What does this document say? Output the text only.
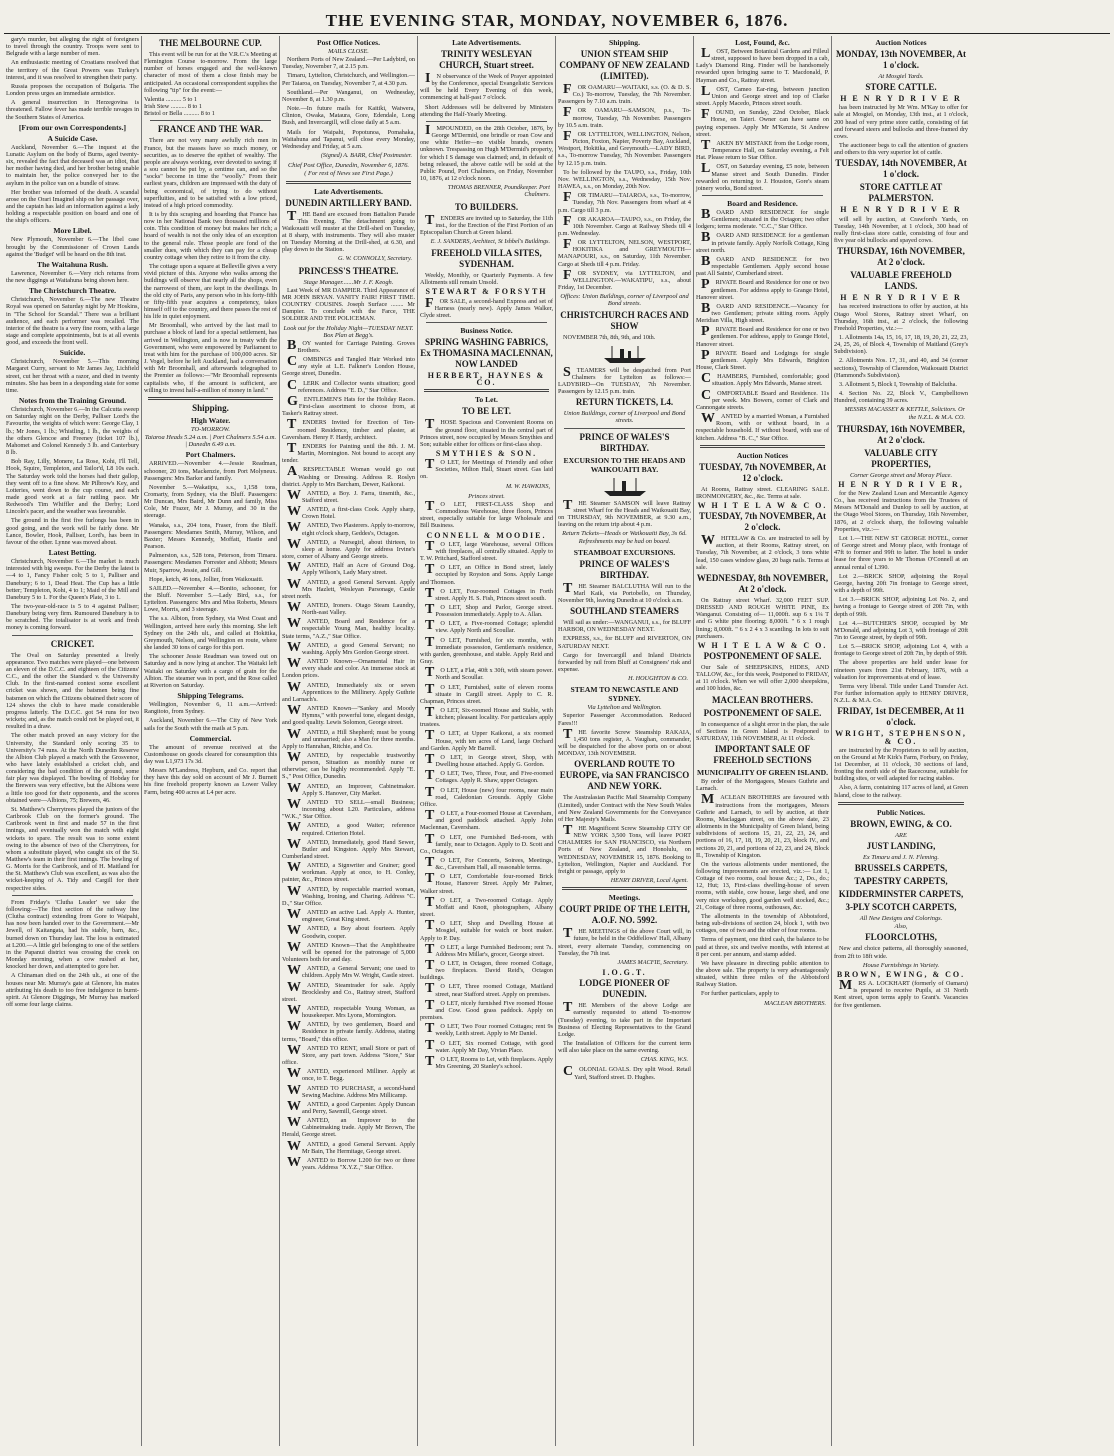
THE EVENING STAR, MONDAY, NOVEMBER 6, 1876.

gary's murder, but alleging the right of foreigners to travel through the country. Troops were sent to Belgrade with a large number of men.

An enthusiastic meeting of Croatians resolved that the territory of the Great Powers was Turkey's interest, and it was resolved to strengthen their party.

Russia proposes the occupation of Bulgaria. The London press urges an immediate armistice.

A general insurrection in Herzegovina is threatened. Fallow fever has made terrible ravages in the Southern States of America.

[From our own Correspondents.]
A Suicide Case.

Auckland, November 6.—The inquest at the Lunatic Asylum on the body of Burns, aged twenty-six, revealed the fact that deceased was an idiot, that her mother having died, and her brother being unable to maintain her, the police conveyed her to the asylum in the police van on a bundle of straw.

Her brother was informed of the death. A scandal arose on the Orari Imaginel ship on her passage over, and the captain has laid an information against a lady holding a respectable position on board and one of the ship's officers.

More Libel.

New Plymouth, November 6.—The libel case brought by the Commissioner of Crown Lands against the 'Budget' will be heard on the 8th inst.

The Waitahuna Rush.

Lawrence, November 6.—Very rich returns from the new diggings at Waitahuna being shown here.

The Christchurch Theatre.

Christchurch, November 6.—The new Theatre Royal was opened on Saturday night by Mr Hoskins, in "The School for Scandal." There was a brilliant audience, and each performer was recalled. The interior of the theatre is a very fine room, with a large stage and complete appointments, but is at all events good, and exceeds the front well.

Suicide.

Christchurch, November 5.—This morning Margaret Curry, servant to Mr James Jay, Lichfield street, cut her throat with a razor, and died in twenty minutes. She has been in a desponding state for some time.

Notes from the Training Ground.

Christchurch, November 6.—In the Calcutta sweep on Saturday night on the Derby, Palliser Lord's the Favourite, the weights of which were: George Clay, 1 lb.; Mr Jones, 1 lb.; Whistling, 1 lb., the weights of the others Glencoe and Freeney (ticket 107 lb.), Mahomet and Colonel Kennedy 3 lb. and Canterbury 8 lb.

Bob Ray, Lilly, Monere, La Rose, Kohi, I'll Tell, Hook, Squire, Templeton, and Tailor'd, L8 10s each. The Saturday work told the horses had their gallop, they went off to a fine show. Mr Pilbrow's Key, and Lotteries, went down to the cup course, and each made good work at a fair rattling pace. Mr Redwood's Tim Whiffler and the Derby; Lord Lincoln's pacer, and the weather was favourable.

The ground in the first five furlongs has been in good going, and the work will be fairly done. Mr Lance, Bowler, Hook, Palliser, Lord's, has been in favour of the other. Lynne was moved about.

Latest Betting.

Christchurch, November 6.—The market is much interested with big sweeps. For the Derby the latest is—4 to 1, Fancy Fisher colt; 5 to 1, Palliser and Danebury; 6 to 1, Dead Heat. The Cup has a little better; Templeton, Kohi, 4 to 1; Maid of the Mill and Danebury 5 to 1. For the Queen's Plate, 3 to 1.

The two-year-old-race is 5 to 4 against Palliser; Danebury being very firm. Rumoured Danebury is to be scratched. The totalisator is at work and fresh money is coming forward.

CRICKET.

The Oval on Saturday presented a lively appearance. Two matches were played—one between an eleven of the D.C.C. and eighteen of the Citizens' C.C., and the other the Standard v. the University Club. In the first-named contest some excellent cricket was shown, and the batsmen being fine batsmen on which the Citizens obtained their score of 124 shows the club to have made considerable progress latterly. The D.C.C. got 54 runs for two wickets; and, as the match could not be played out, it resulted in a draw.

The other match proved an easy victory for the University, the Standard only scoring 35 to University's 74 runs. At the North Dunedin Reserve the Albion Club played a match with the Grosvenor, who have lately established a cricket club, and considering the bad condition of the ground, some fair play was displayed. The bowling of Hobday for the Brewers was very effective, but the Albions were a little too good for their opponents, and the scores obtained were—Albions, 75; Brewers, 46.

St. Matthew's Cherrytrees played the juniors of the Caribrook Club on the former's ground. The Caribrook went in first and made 57 in the first innings, and eventually won the match with eight wickets to spare. The result was to some extent owing to the absence of two of the Cherrytrees, for whom a substitute played, who caught six of the St. Matthew's team in their first innings. The bowling of G. Morris for the Caribrook, and of H. Maitland for the St. Matthew's Club was excellent, as was also the wicket-keeping of A. Tidy and Cargill for their respective sides.

From Friday's 'Clutha Leader' we take the following:—The first section of the railway line (Clutha contract) extending from Gore to Waipahi, has now been handed over to the Government.—Mr Jewell, of Kaitangata, had his stable, barn, &c., burned down on Thursday last. The loss is estimated at L200.—A little girl belonging to one of the settlers in the Papanui district was crossing the creek on Monday morning, when a cow rushed at her, knocked her down, and attempted to gore her.

A Chinaman died on the 24th ult., at one of the houses near Mr. Murray's gate at Glenore, his mates attributing his death to too free indulgence in burnt-spirit. At Glenore Diggings, Mr Murray has marked off some four large claims.

THE MELBOURNE CUP.

This event will be run for at the V.R.C.'s Meeting at Flemington Course to-morrow. From the large number of horses engaged and the well-known character of most of them a close finish may be anticipated. An occasional correspondent supplies the following "tip" for the event:—

Valentia .......... 5 to 1
Irish Stew .......... 8 to 1
Bristol or Bella .......... 8 to 1
FRANCE AND THE WAR.

There are not very many awfully rich men in France, but the masses have so much money, or securities, as to deserve the epithet of wealthy. The people are always working, ever devoted to saving; if a sou cannot be put by, a centime can, and so the "socks" become in time the "woolly." From their earliest years, children are impressed with the duty of being economical, of trying to do without superfluities, and to be satisfied with a low priced, instead of a high priced commodity.

It is by this scraping and hoarding that France has now in her National Bank two thousand millions of coin. This condition of money but makes her rich; a hoard of wealth is not the only idea of an exception to the general rule. Those people are fond of the smaller dues, with which they can pay for a cheap country cottage when they retire to it from the city.

The cottage upon a square at Belleville gives a very vivid picture of this. Anyone who walks among the buildings will observe that nearly all the shops, even the narrowest of them, are kept in the dwellings. In the old city of Paris, any person who in his forty-fifth or fifty-fifth year acquires a competency, takes himself off to the country, and there passes the rest of his life in quiet enjoyment.

Mr Broomhall, who arrived by the last mail to purchase a block of land for a special settlement, has arrived in Wellington, and is now in treaty with the Government, who were empowered by Parliament to treat with him for the purchase of 100,000 acres. Sir J. Vogel, before he left Auckland, had a conversation with Mr Broomhall, and afterwards telegraphed to the Premier as follows:—"Mr Broomhall represents capitalists who, if the amount is sufficient, are willing to invest half-a-million of money in land."

Shipping.
High Water.
TO-MORROW.
Taiaroa Heads 5.24 a.m. | Port Chalmers 5.54 a.m. | Dunedin 6.49 a.m.
Port Chalmers.

ARRIVED.—November 4.—Jessie Readman, schooner, 20 tons, Mackenzie, from Port Molyneux. Passengers: Mrs Barker and family.

November 5.—Wakatipu, s.s., 1,158 tons, Cromarty, from Sydney, via the Bluff. Passengers: Mr Duncan, Mrs Baird, Mr Dunn and family, Miss Cole, Mr Frazer, Mr J. Murray, and 30 in the steerage.

Wanaka, s.s., 204 tons, Fraser, from the Bluff. Passengers: Mesdames Smith, Murray, Wilson, and Baxter; Messrs Kennedy, Moffatt, Hastie and Pearson.

Palmerston, s.s., 528 tons, Peterson, from Timaru. Passengers: Mesdames Forrester and Abbott; Messrs Muir, Sparrow, Jessie, and Gill.

Hope, ketch, 46 tons, Jollier, from Waikouaiti.

SAILED.—November 4.—Bonito, schooner, for the Bluff. November 5.—Lady Bird, s.s., for Lyttelton. Passengers: Mrs and Miss Roberts, Messrs Lowe, Morris, and 3 steerage.

The s.s. Albion, from Sydney, via West Coast and Wellington, arrived here early this morning. She left Sydney on the 24th ult., and called at Hokitika, Greymouth, Nelson, and Wellington en route, where she landed 30 tons of cargo for this port.

The schooner Jessie Readman was towed out on Saturday and is now lying at anchor. The Waitaki left Waitaki on Saturday with a cargo of grain for the Albion. The steamer was in port, and the Rose called at Riverton on Saturday.

Shipping Telegrams.

Wellington, November 6, 11 a.m.—Arrived: Rangitoto, from Sydney.

Auckland, November 6.—The City of New York sails for the South with the mails at 5 p.m.

Commercial.

The amount of revenue received at the Customhouse on goods cleared for consumption this day was L1,973 17s 3d.

Messrs M'Landress, Hepburn, and Co. report that they have this day sold on account of Mr J. Burnett his fine freehold property known as Lower Valley Farm, being 400 acres at L4 per acre.

Post Office Notices.
MAILS CLOSE.

Northern Ports of New Zealand.—Per Ladybird, on Tuesday, November 7, at 2.15 p.m.

Timaru, Lyttelton, Christchurch, and Wellington.—Per Taiaroa, on Tuesday, November 7, at 4.30 p.m.

Southland.—Per Wanganui, on Wednesday, November 8, at 1.30 p.m.

Note.—In future mails for Kaitiki, Waiwera, Clinton, Owaka, Mataura, Gore, Edendale, Long Bush, and Invercargill, will close daily at 5 a.m.

Mails for Waipahi, Popotunoa, Pomahaka, Waitahuna and Tapanui, will close every Monday, Wednesday and Friday, at 5 a.m.

(Signed) A. BARR, Chief Postmaster.
Chief Post Office, Dunedin, November 6, 1876.
( For rest of News see First Page.)
Late Advertisements.
DUNEDIN ARTILLERY BAND.

THE Band are excused from Battalion Parade This Evening. The detachment going to Waikouaiti will muster at the Drill-shed on Tuesday, at 8 sharp, with instruments. They will also muster on Tuesday Morning at the Drill-shed, at 6.30, and play down to the Station.

G. W. CONNOLLY, Secretary.
PRINCESS'S THEATRE.
Stage Manager.......Mr J. F. Keogh.

Last Week of MR DAMPIER. Third Appearance of MR JOHN BRYAN. VANITY FAIR! FIRST TIME. COUNTRY COUSINS. Joseph Surface ........ Mr Dampier. To conclude with the Farce, THE SOLDIER AND THE POLICEMAN.

Look out for the Holiday Night—TUESDAY NEXT. Box Plan at Begg's.

BOY wanted for Carriage Painting. Groves Brothers.

COMBINGS and Tangled Hair Worked into any style at L.E. Falkner's London House, George street, Dunedin.

CLERK and Collector wants situation; good references. Address "E. D.," Star Office.

GENTLEMEN'S Hats for the Holiday Races. First-class assortment to choose from, at Tasker's Rattray street.

TENDERS Invited for Erection of Ten-roomed Residence, timber and plaster, at Caversham. Henry F. Hardy, architect.

TENDERS for Painting until the 8th. J. M. Martin, Mornington. Not bound to accept any tender.

ARESPECTABLE Woman would go out Washing or Dressing. Address R. Roslyn district. Apply to Mrs Barcham, Dewer, Kaikorai.

WANTED, a Boy. J. Farra, tinsmith, &c., Stafford street.

WANTED, a first-class Cook. Apply sharp, Crown Hotel.

WANTED, Two Plasterers. Apply to-morrow, eight o'clock sharp, Geddes's, Octagon.

WANTED, a Nursegirl, about thirteen, to sleep at home. Apply for address Irvine's store, corner of Albany and George streets.

WANTED, Half an Acre of Ground Dog. Apply Wilson's, Lady Mary street.

WANTED, a good General Servant. Apply Mrs Hazlett, Wesleyan Parsonage, Castle street north.

WANTED, Ironers. Otago Steam Laundry, North-east Valley.

WANTED, Board and Residence for a respectable Young Man, healthy locality. State terms, "A.Z.," Star Office.

WANTED, a good General Servant; no washing. Apply Mrs Gordon George street.

WANTED Known—Ornamental Hair in every shade and color. An immense stock at London prices.

WANTED, Immediately six or seven Apprentices to the Millinery. Apply Guthrie and Larnach's.

WANTED Known—"Sankey and Moody Hymns," with powerful tone, elegant design, and good quality. Lewis Solomon, George street.

WANTED, a Hill Shepherd; must be young and unmarried; also a Man for three months. Apply to Hanrahan, Ritchie, and Co.

WANTED, by respectable trustworthy person, Situation as monthly nurse or otherwise; can be highly recommended. Apply "E. S.," Post Office, Dunedin.

WANTED, an Improver, Cabinetmaker. Apply S. Hanover, City Market.

WANTED TO SELL—small Business; incoming about L20. Particulars, address "W.K.," Star Office.

WANTED, a good Waiter; reference required. Criterion Hotel.

WANTED, Immediately, good Hand Sewer, Butler and Kingston. Apply Mrs Stewart, Cumberland street.

WANTED, a Signwriter and Grainer; good workman. Apply at once, to H. Conley, painter, &c., Princes street.

WANTED, by respectable married woman, Washing, Ironing, and Charing. Address "C. D.," Star Office.

WANTED an active Lad. Apply A. Hunter, engineer, Great King street.

WANTED, a Boy about fourteen. Apply Goodwin, cooper.

WANTED Known—That the Amphitheatre will be opened for the patronage of 5,000 Volunteers both for and day.

WANTED, a General Servant; one used to children. Apply Mrs W. Wright, Castle street.

WANTED, Steamtrader for sale. Apply Brocklesby and Co., Rattray street, Stafford street.

WANTED, respectable Young Woman, as housekeeper. Mrs Lyons, Mornington.

WANTED, by two gentlemen, Board and Residence in private family. Address, stating terms, "Board," this office.

WANTED TO RENT, small Store or part of Store, any part town. Address "Store," Star office.

WANTED, experienced Milliner. Apply at once, to T. Begg.

WANTED TO PURCHASE, a second-hand Sewing Machine. Address Mrs Millicamp.

WANTED, a good Carpenter. Apply Duncan and Perry, Sawmill, George street.

WANTED, an Improver to the Cabinetmaking trade. Apply Mr Brown, The Herald, George street.

WANTED, a good General Servant. Apply Mr Bain, The Hermitage, George street.

WANTED to Borrow L200 for two or three years. Address "X.Y.Z.," Star Office.

Late Advertisements.
TRINITY WESLEYAN CHURCH, Stuart street.

IN observance of the Week of Prayer appointed by the Conference, special Evangelistic Services will be held Every Evening of this week, commencing at half-past 7 o'clock.

Short Addresses will be delivered by Ministers attending the Half-Yearly Meeting.

IMPOUNDED, on the 28th October, 1876, by George M'Dermid, one brindle or roan Cow and one white Heifer—no visible brands, owners unknown. Trespassing on Hugh M'Dermid's property, for which I S damage was claimed; and, in default of being released, the above cattle will be sold at the Public Pound, Port Chalmers, on Friday, November 10, 1876, at 12 o'clock noon.

THOMAS BRENNER, Poundkeeper. Port Chalmers.
TO BUILDERS.

TENDERS are invited up to Saturday, the 11th inst., for the Erection of the First Portion of an Episcopalian Church at Green Island.

E. J. SANDERS, Architect, St Ishbel's Buildings.
FREEHOLD VILLA SITES, SYDENHAM.

Weekly, Monthly, or Quarterly Payments. A few Allotments still remain Unsold.

STEWART & FORSYTH

FOR SALE, a second-hand Express and set of Harness (nearly new). Apply James Walker, Clyde street.

Business Notice.
SPRING WASHING FABRICS, Ex THOMASINA MACLENNAN, NOW LANDED
HERBERT, HAYNES & CO.
To Let.
TO BE LET.

THOSE Spacious and Convenient Rooms on the ground floor, situated in the central part of Princes street, now occupied by Messrs Smythies and Son; suitable either for offices or first-class shop.

SMYTHIES & SON.

TO LET, for Meetings of Friendly and other Societies, Milton Hall, Stuart street. Gas laid on.

M. W. HAWKINS,
Princes street.

TO LET, FIRST-CLASS Shop and Commodious Warehouse, three floors, Princes street, especially suitable for large Wholesale and Bill Business.

CONNELL & MOODIE.

TO LET, large Warehouse, several Offices with fireplaces, all centrally situated. Apply to T. W. Pritchard, Stafford street.

TO LET, an Office in Bond street, lately occupied by Royston and Sons. Apply Lange and Thomson.

TO LET, Four-roomed Cottages in Forth street. Apply H. S. Fish, Princes street south.

TO LET, Shop and Parlor, George street. Possession immediately. Apply to A. Allan.

TO LET, a Five-roomed Cottage; splendid view. Apply North and Scoullar.

TO LET, Furnished, for six months, with immediate possession, Gentleman's residence, with garden, greenhouse, and stable. Apply Reid and Gray.

TO LET, a Flat, 40ft x 30ft, with steam power. North and Scoullar.

TO LET, Furnished, suite of eleven rooms situate in Cargill street. Apply to C. R. Chapman, Princes street.

TO LET, Six-roomed House and Stable, with kitchen; pleasant locality. For particulars apply trustees.

TO LET, at Upper Kaikorai, a six roomed House, with ten acres of Land, large Orchard and Garden. Apply Mr Barrell.

TO LET, in George street, Shop, with Dwelling house attached. Apply G. Gordon.

TO LET, Two, Three, Four, and Five-roomed Cottages. Apply R. Shaw, upper Octagon.

TO LET, House (new) four rooms, near main road, Caledonian Grounds. Apply Globe Office.

TO LET, a Four-roomed House at Caversham, and good paddock attached. Apply John Maclennan, Caversham.

TO LET, one Furnished Bed-room, with family, near to Octagon. Apply to D. Scott and Co., Octagon.

TO LET, For Concerts, Soirees, Meetings, &c., Caversham Hall, all reasonable terms.

TO LET, Comfortable four-roomed Brick House, Hanover Street. Apply Mr Palmer, Walker street.

TO LET, a Two-roomed Cottage. Apply Moffatt and Knott, photographers, Albany street.

TO LET, Shop and Dwelling House at Mosgiel, suitable for watch or boot maker. Apply to P. Day.

TO LET, a large Furnished Bedroom; rent 7s. Address Mrs Millar's, grocer, George street.

TO LET, in Octagon, three roomed Cottage, two fireplaces. David Reid's, Octagon buildings.

TO LET, Three roomed Cottage, Maitland street, near Stafford street. Apply on premises.

TO LET, nicely furnished Five roomed House and Cow. Good grass paddock. Apply on premises.

TO LET, Two Four roomed Cottages; rent 9s weekly, Leith street. Apply to Mr Daniel.

TO LET, Six roomed Cottage, with good water. Apply Mr Day, Vivian Place.

TO LET, Rooms to Let, with fireplaces. Apply Mrs Greening, 20 Stanley's school.

Shipping.
UNION STEAM SHIP COMPANY OF NEW ZEALAND (LIMITED).

FOR OAMARU—WAITAKI, s.s. (O. & D. S. Co.) To-morrow, Tuesday, the 7th November. Passengers by 7.10 a.m. train.

FOR OAMARU—SAMSON, p.s., To-morrow, Tuesday, 7th November. Passengers by 10.5 a.m. train.

FOR LYTTELTON, WELLINGTON, Nelson, Picton, Foxton, Napier, Poverty Bay, Auckland, Westport, Hokitika, and Greymouth.—LADY BIRD, s.s., To-morrow Tuesday, 7th November. Passengers by 12.15 p.m. train.

To be followed by the TAUPO, s.s., Friday, 10th Nov. WELLINGTON, s.s., Wednesday, 15th Nov. HAWEA, s.s., on Monday, 20th Nov.

FOR TIMARU—TAIAROA, s.s., To-morrow, Tuesday, 7th Nov. Passengers from wharf at 4 p.m. Cargo till 3 p.m.

FOR AKAROA—TAUPO, s.s., on Friday, the 10th November. Cargo at Railway Sheds till 4 p.m. Wednesday.

FOR LYTTELTON, NELSON, WESTPORT, HOKITIKA and GREYMOUTH—MANAPOURI, s.s., on Saturday, 11th November. Cargo at Sheds till 4 p.m. Friday.

FOR SYDNEY, via LYTTELTON, and WELLINGTON.—WAKATIPU, s.s., about Friday, 1st December.

Offices: Union Buildings, corner of Liverpool and Bond streets.
CHRISTCHURCH RACES AND SHOW

NOVEMBER 7th, 8th, 9th, and 10th.

STEAMERS will be despatched from Port Chalmers for Lyttelton as follows:—LADYBIRD—On TUESDAY, 7th November. Passengers by 12.15 p.m. train.

RETURN TICKETS, L4.
Union Buildings, corner of Liverpool and Bond streets.
PRINCE OF WALES'S BIRTHDAY.
EXCURSION TO THE HEADS AND WAIKOUAITI BAY.

THE Steamer SAMSON will leave Rattray street Wharf for the Heads and Waikouaiti Bay, on THURSDAY, 9th NOVEMBER, at 9.30 a.m., leaving on the return trip about 4 p.m.

Return Tickets—Heads or Waikouaiti Bay, 3s 6d.
Refreshments may be had on board.
STEAMBOAT EXCURSIONS.
PRINCE OF WALES'S BIRTHDAY.

THE Steamer BALCLUTHA Will run to the Marl Kaik, via Portobello, on Thursday, November 9th, leaving Dunedin at 10 o'clock a.m.

SOUTHLAND STEAMERS

Will sail as under:—WANGANUI, s.s., for BLUFF HARBOR, ON WEDNESDAY NEXT.

EXPRESS, s.s., for BLUFF and RIVERTON, ON SATURDAY NEXT.

Cargo for Invercargill and Inland Districts forwarded by rail from Bluff at Consignees' risk and expense.

H. HOUGHTON & CO.
STEAM TO NEWCASTLE AND SYDNEY.
Via Lyttelton and Wellington.

Superior Passenger Accommodation. Reduced Fares!!!

THE favorite Screw Steamship RAKAIA, 1,450 tons register, A. Vaughan, commander, will be despatched for the above ports on or about MONDAY, 13th NOVEMBER.

OVERLAND ROUTE TO EUROPE, via SAN FRANCISCO AND NEW YORK.

The Australasian Pacific Mail Steamship Company (Limited), under Contract with the New South Wales and New Zealand Governments for the Conveyance of Her Majesty's Mails.

THE Magnificent Screw Steamship CITY OF NEW YORK 3,500 Tons, will leave PORT CHALMERS for SAN FRANCISCO, via Northern Ports of New Zealand, and Honolulu, on WEDNESDAY, NOVEMBER 15, 1876. Booking to Lyttelton, Wellington, Napier and Auckland. For freight or passage, apply to

HENRY DRIVER, Local Agent.
Meetings.
COURT PRIDE OF THE LEITH, A.O.F. NO. 5992.

THE MEETINGS of the above Court will, in future, be held in the Oddfellows' Hall, Albany street, every alternate Tuesday, commencing on Tuesday, the 7th inst.

JAMES MACFIE, Secretary.
I.O.G.T.
LODGE PIONEER OF DUNEDIN.

THE Members of the above Lodge are earnestly requested to attend To-morrow (Tuesday) evening, to take part in the Important Business of Electing Representatives to the Grand Lodge.

The Installation of Officers for the current term will also take place on the same evening.

CHAS. KING, W.S.

COLONIAL GOALS. Dry split Wood. Retail Yard, Stafford street. D. Hughes.

Lost, Found, &c.

LOST, Between Botanical Gardens and Filleul street, supposed to have been dropped in a cab, Lady's Diamond Ring. Finder will be handsomely rewarded upon bringing same to T. Macdonald, P. Hayman and Co., Rattray street.

LOST, Cameo Ear-ring, between junction Union and George street and top of Clarke street. Apply Macedo, Princes street south.

FOUND, on Sunday, 22nd October, Black Horse, on Taieri. Owner can have same on paying expenses. Apply Mr M'Kenzie, St Andrew street.

TAKEN BY MISTAKE from the Lodge room, Temperance Hall, on Saturday evening, a Felt Hat. Please return to Star Office.

LOST, on Saturday evening, £5 note, between Manse street and South Dunedin. Finder rewarded on returning to J. Houston, Gore's steam joinery works, Bond street.

Board and Residence.

BOARD AND RESIDENCE for single Gentlemen; situated in the Octagon; two other lodgers; terms moderate. "C.C.," Star Office.

BOARD AND RESIDENCE for a gentleman in private family. Apply Norfolk Cottage, King street north.

BOARD AND RESIDENCE for two respectable Gentlemen. Apply second house past All Saints', Cumberland street.

PRIVATE Board and Residence for one or two gentlemen. For address apply to Grange Hotel, Hanover street.

BOARD AND RESIDENCE.—Vacancy for two Gentlemen; private sitting room. Apply Meridian Villa, High street.

PRIVATE Board and Residence for one or two gentlemen. For address, apply to Grange Hotel, Hanover street.

PRIVATE Board and Lodgings for single gentlemen. Apply Mrs Edwards, Brighton House, Clark Street.

CHAMBERS, Furnished, comfortable; good situation. Apply Mrs Edwards, Manse street.

COMFORTABLE Board and Residence. 11s per week. Mrs Bowers, corner of Clark and Cannongate streets.

WANTED by a married Woman, a Furnished Room, with or without board, in a respectable household. If without board, with use of kitchen. Address "B. C.," Star Office.

Auction Notices
TUESDAY, 7th NOVEMBER, At 12 o'clock.

At Rooms, Rattray street. CLEARING SALE. IRONMONGERY, &c., &c. Terms at sale.

W H I T E L A W & C O.
TUESDAY, 7th NOVEMBER, At 2 o'clock.

WHITELAW & Co. are instructed to sell by auction, at their Rooms, Rattray street, on Tuesday, 7th November, at 2 o'clock, 3 tons white lead, 150 cases window glass, 20 bags nails. Terms at sale.

WEDNESDAY, 8th NOVEMBER, At 2 o'clock.

On Rattray street Wharf. 32,000 FEET SUP. DRESSED AND ROUGH WHITE PINE, Ex Wanganui. Consisting of— 11,000ft. sup 6 x 1¼ T and G white pine flooring; 8,000ft. " 6 x 1 rough lining; 8,000ft. " 6 x 2 4 x 3 scantling. In lots to suit purchasers.

W H I T E L A W & C O.
POSTPONEMENT OF SALE.

Our Sale of SHEEPSKINS, HIDES, AND TALLOW, &c., for this week, Postponed to FRIDAY, at 11 o'clock. When we will offer 2,000 sheepskins, and 100 hides, &c.

MACLEAN BROTHERS.
POSTPONEMENT OF SALE.

In consequence of a slight error in the plan, the sale of Sections in Green Island is Postponed to SATURDAY, 11th NOVEMBER, At 11 o'clock.

IMPORTANT SALE OF FREEHOLD SECTIONS
MUNICIPALITY OF GREEN ISLAND.

By order of the Mortgagees, Messrs Guthrie and Larnach.

MACLEAN BROTHERS are favoured with instructions from the mortgagees, Messrs Guthrie and Larnach, to sell by auction, at their Rooms, Maclaggan street, on the above date, 23 allotments in the Municipality of Green Island, being subdivisions of sections 15, 21, 22, 23, 24, and portions of 16, 17, 18, 19, 20, 21, 23, block IV., and sections 20, 21, and portions of 22, 23, and 24, Block II., Township of Kingston.

On the various allotments under mentioned, the following improvements are erected, viz.:— Lot 1, Cottage of two rooms, coal house &c.; 2, Do., do.; 12, Hut; 13, First-class dwelling-house of seven rooms, with stable, cow house, large shed, and one very nice workshop, good garden well stocked, &c.; 21, Cottage of three rooms, outhouses, &c.

The allotments in the township of Abbotsford, being sub-divisions of section 24, block 1, with two cottages, one of two and the other of four rooms.

Terms of payment, one third cash, the balance to be paid at three, six and twelve months, with interest at 8 per cent. per annum, and stamp added.

We have pleasure in directing public attention to the above sale. The property is very advantageously situated, within three miles of the Abbotsford Railway Station.

For further particulars, apply to

MACLEAN BROTHERS.
Auction Notices
MONDAY, 13th NOVEMBER, At 1 o'clock.
At Mosgiel Yards.
STORE CATTLE.
H E N R Y D R I V E R

has been instructed by Mr Wm. M'Kay to offer for sale at Mosgiel, on Monday, 13th inst., at 1 o'clock, 200 head of very prime store cattle, consisting of fat and forward steers and bullocks and three-framed dry cows.

The auctioneer begs to call the attention of graziers and others to this very superior lot of cattle.

TUESDAY, 14th NOVEMBER, At 1 o'clock.
STORE CATTLE AT PALMERSTON.
H E N R Y D R I V E R

will sell by auction, at Crawford's Yards, on Tuesday, 14th November, at 1 o'clock, 300 head of really first-class store cattle, consisting of four and five year old bullocks and spayed cows.

THURSDAY, 16th NOVEMBER, At 2 o'clock.
VALUABLE FREEHOLD LANDS.
H E N R Y D R I V E R

has received instructions to offer by auction, at his Otago Wool Stores, Rattray street Wharf, on Thursday, 16th inst., at 2 o'clock, the following Freehold Properties, viz.:—

1. Allotments 14a, 15, 16, 17, 18, 19, 20, 21, 22, 23, 24, 25, 26, of Block 4, Township of Maitland (Grey's Subdivision).

2. Allotments Nos. 17, 31, and 40, and 34 (corner sections), Township of Clarendon, Waikouaiti District (Hammond's Subdivision).

3. Allotment 5, Block I, Township of Balclutha.

4. Section No. 22, Block V., Campbelltown Hundred, containing 39 acres.

MESSRS MACASSEY & KETTLE, Solicitors. Or the N.Z.L. & M.A. CO.
THURSDAY, 16th NOVEMBER, At 2 o'clock.
VALUABLE CITY PROPERTIES,
Corner George street and Moray Place.
H E N R Y D R I V E R,

for the New Zealand Loan and Mercantile Agency Co., has received instructions from the Trustees of Messrs M'Donald and Dunlop to sell by auction, at the Otago Wool Stores, on Thursday, 16th November, 1876, at 2 o'clock sharp, the following valuable Properties, viz.:—

Lot 1.—THE NEW ST GEORGE HOTEL, corner of George street and Moray place, with frontage of 47ft to former and 99ft to latter. The hotel is under lease for three years to Mr Thomas O'Connell at an annual rental of L390.

Lot 2.—BRICK SHOP, adjoining the Royal George, having 20ft 7in frontage to George street, with a depth of 99ft.

Lot 3.—BRICK SHOP, adjoining Lot No. 2, and having a frontage to George street of 20ft 7in, with depth of 99ft.

Lot 4.—BUTCHER'S SHOP, occupied by Mr M'Donald, and adjoining Lot 3, with frontage of 20ft 7in to George street, by depth of 99ft.

Lot 5.—BRICK SHOP, adjoining Lot 4, with a frontage to George street of 20ft 7in, by depth of 99ft.

The above properties are held under lease for nineteen years from 21st February, 1876, with a valuation for improvements at end of lease.

Terms very liberal. Title under Land Transfer Act. For further information apply to HENRY DRIVER, N.Z.L. & M.A. Co.

FRIDAY, 1st DECEMBER, At 11 o'clock.
WRIGHT, STEPHENSON, & CO.

are instructed by the Proprietors to sell by auction, on the Ground at Mr Kirk's Farm, Forbury, on Friday, 1st December, at 11 o'clock, 30 sections of land, fronting the north side of the Racecourse, suitable for building sites, or well adapted for racing stables.

Also, A farm, containing 117 acres of land, at Green Island, close to the railway.

Public Notices.
BROWN, EWING, & CO.
ARE
JUST LANDING,
Ex Timaru and J. N. Fleming.
BRUSSELS CARPETS,
TAPESTRY CARPETS,
KIDDERMINSTER CARPETS,
3-PLY SCOTCH CARPETS,
All New Designs and Colorings.
Also,
FLOORCLOTHS,

New and choice patterns, all thoroughly seasoned, from 2ft to 18ft wide.

House Furnishings in Variety.
BROWN, EWING, & CO.

MRS A. LOCKHART (formerly of Oamaru) is prepared to receive Pupils, at 31 North Kent street, upon terms apply to Grant's. Vacancies for five gentlemen.
